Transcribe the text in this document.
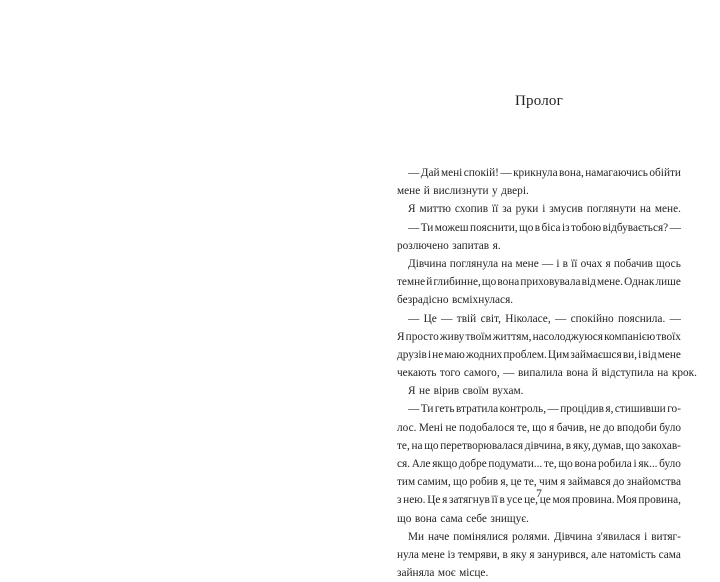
Пролог
— Дай мені спокій! — крикнула вона, намагаючись обійти
мене й вислизнути у двері.
Я миттю схопив її за руки і змусив поглянути на мене.
— Ти можеш пояснити, що в біса із тобою відбувається? —
розлючено запитав я.
Дівчина поглянула на мене — і в її очах я побачив щось
темне й глибинне, що вона приховувала від мене. Однак лише
безрадісно всміхнулася.
— Це — твій світ, Ніколасе, — спокійно пояснила. —
Я просто живу твоїм життям, насолоджуюся компанією твоїх
друзів і не маю жодних проблем. Цим займаєшся ви, і від мене
чекають того самого, — випалила вона й відступила на крок.
Я не вірив своїм вухам.
— Ти геть втратила контроль, — процідив я, стишивши го-
лос. Мені не подобалося те, що я бачив, не до вподоби було
те, на що перетворювалася дівчина, в яку, думав, що закохав-
ся. Але якщо добре подумати... те, що вона робила і як... було
тим самим, що робив я, це те, чим я займався до знайомства
з нею. Це я затягнув її в усе це, це моя провина. Моя провина,
що вона сама себе знищує.
Ми наче помінялися ролями. Дівчина з'явилася і витяг-
нула мене із темряви, в яку я занурився, але натомість сама
зайняла моє місце.
7
